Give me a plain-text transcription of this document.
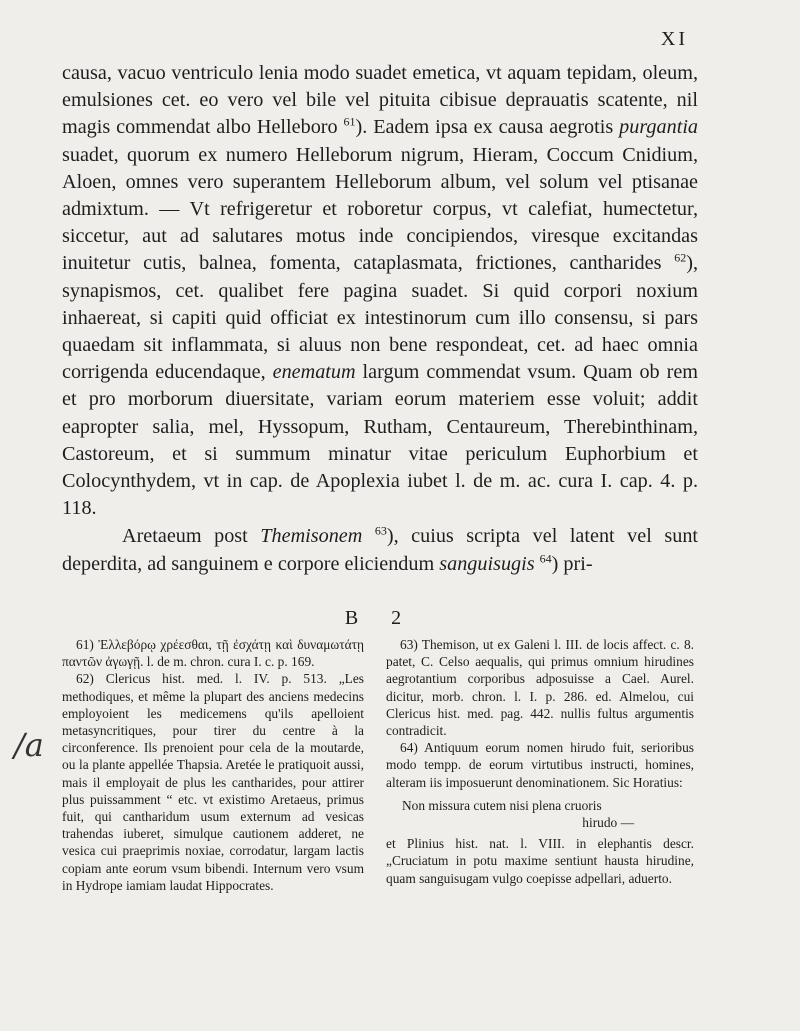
XI

causa, vacuo ventriculo lenia modo suadet emetica, vt aquam tepidam, oleum, emulsiones cet. eo vero vel bile vel pituita cibisue deprauatis scatente, nil magis commendat albo Helleboro $^{61}$). Eadem ipsa ex causa aegrotis purgantia suadet, quorum ex numero Helleborum nigrum, Hieram, Coccum Cnidium, Aloen, omnes vero superantem Helleborum album, vel solum vel ptisanae admixtum. — Vt refrigeretur et roboretur corpus, vt calefiat, humectetur, siccetur, aut ad salutares motus inde concipiendos, viresque excitandas inuitetur cutis, balnea, fomenta, cataplasmata, frictiones, cantharides $^{62}$), synapismos, cet. qualibet fere pagina suadet. Si quid corpori noxium inhaereat, si capiti quid officiat ex intestinorum cum illo consensu, si pars quaedam sit inflammata, si aluus non bene respondeat, cet. ad haec omnia corrigenda educendaque, enematum largum commendat vsum. Quam ob rem et pro morborum diuersitate, variam eorum materiem esse voluit; addit eapropter salia, mel, Hyssopum, Rutham, Centaureum, Therebinthinam, Castoreum, et si summum minatur vitae periculum Euphorbium et Colocynthydem, vt in cap. de Apoplexia iubet l. de m. ac. cura I. cap. 4. p. 118.

Aretaeum post Themisonem $^{63}$), cuius scripta vel latent vel sunt deperdita, ad sanguinem e corpore eliciendum sanguisugis $^{64}$) pri-

B 2

61) Ἐλλεβόρῳ χρέεσθαι, τῇ ἐσχάτῃ καὶ δυναμωτάτῃ παντῶν ἀγωγῇ. l. de m. chron. cura I. c. p. 169.

62) Clericus hist. med. l. IV. p. 513. „Les methodiques, et même la plupart des anciens medecins employoient les medicemens qu'ils apelloient metasyncritiques, pour tirer du centre à la circonference. Ils prenoient pour cela de la moutarde, ou la plante appellée Thapsia. Aretée le pratiquoit aussi, mais il employait de plus les cantharides, pour attirer plus puissamment “ etc. vt existimo Aretaeus, primus fuit, qui cantharidum usum externum ad vesicas trahendas iuberet, simulque cautionem adderet, ne vesica cui praeprimis noxiae, corrodatur, largam lactis copiam ante eorum vsum bibendi. Internum vero vsum in Hydrope iamiam laudat Hippocrates.

63) Themison, ut ex Galeni l. III. de locis affect. c. 8. patet, C. Celso aequalis, qui primus omnium hirudines aegrotantium corporibus adposuisse a Cael. Aurel. dicitur, morb. chron. l. I. p. 286. ed. Almelou, cui Clericus hist. med. pag. 442. nullis fultus argumentis contradicit.

64) Antiquum eorum nomen hirudo fuit, serioribus modo tempp. de eorum virtutibus instructi, homines, alteram iis imposuerunt denominationem. Sic Horatius:

Non missura cutem nisi plena cruoris

hirudo —

et Plinius hist. nat. l. VIII. in elephantis descr. „Cruciatum in potu maxime sentiunt hausta hirudine, quam sanguisugam vulgo coepisse adpellari, aduerto.

/a
